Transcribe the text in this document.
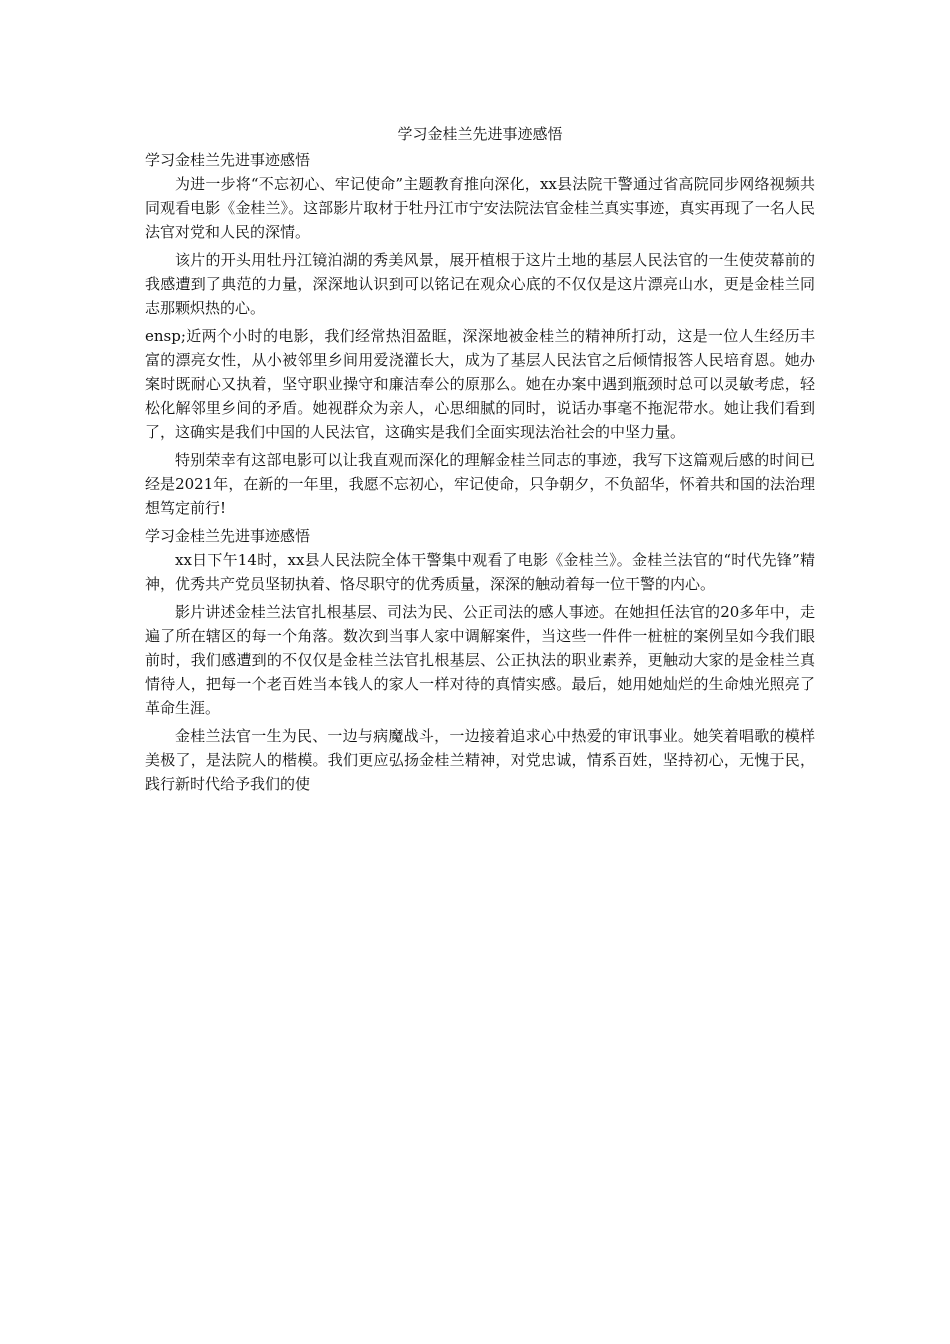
学习金桂兰先进事迹感悟
学习金桂兰先进事迹感悟

为进一步将“不忘初心、牢记使命”主题教育推向深化，xx县法院干警通过省高院同步网络视频共同观看电影《金桂兰》。这部影片取材于牡丹江市宁安法院法官金桂兰真实事迹，真实再现了一名人民法官对党和人民的深情。

该片的开头用牡丹江镜泊湖的秀美风景，展开植根于这片土地的基层人民法官的一生使荧幕前的我感遭到了典范的力量，深深地认识到可以铭记在观众心底的不仅仅是这片漂亮山水，更是金桂兰同志那颗炽热的心。

ensp;近两个小时的电影，我们经常热泪盈眶，深深地被金桂兰的精神所打动，这是一位人生经历丰富的漂亮女性，从小被邻里乡间用爱浇灌长大，成为了基层人民法官之后倾情报答人民培育恩。她办案时既耐心又执着，坚守职业操守和廉洁奉公的原那么。她在办案中遇到瓶颈时总可以灵敏考虑，轻松化解邻里乡间的矛盾。她视群众为亲人，心思细腻的同时，说话办事毫不拖泥带水。她让我们看到了，这确实是我们中国的人民法官，这确实是我们全面实现法治社会的中坚力量。

特别荣幸有这部电影可以让我直观而深化的理解金桂兰同志的事迹，我写下这篇观后感的时间已经是2021年，在新的一年里，我愿不忘初心，牢记使命，只争朝夕，不负韶华，怀着共和国的法治理想笃定前行!

学习金桂兰先进事迹感悟

xx日下午14时，xx县人民法院全体干警集中观看了电影《金桂兰》。金桂兰法官的“时代先锋”精神，优秀共产党员坚韧执着、恪尽职守的优秀质量，深深的触动着每一位干警的内心。

影片讲述金桂兰法官扎根基层、司法为民、公正司法的感人事迹。在她担任法官的20多年中，走遍了所在辖区的每一个角落。数次到当事人家中调解案件，当这些一件件一桩桩的案例呈如今我们眼前时，我们感遭到的不仅仅是金桂兰法官扎根基层、公正执法的职业素养，更触动大家的是金桂兰真情待人，把每一个老百姓当本钱人的家人一样对待的真情实感。最后，她用她灿烂的生命烛光照亮了革命生涯。

金桂兰法官一生为民、一边与病魔战斗，一边接着追求心中热爱的审讯事业。她笑着唱歌的模样美极了，是法院人的楷模。我们更应弘扬金桂兰精神，对党忠诚，情系百姓，坚持初心，无愧于民，践行新时代给予我们的使
